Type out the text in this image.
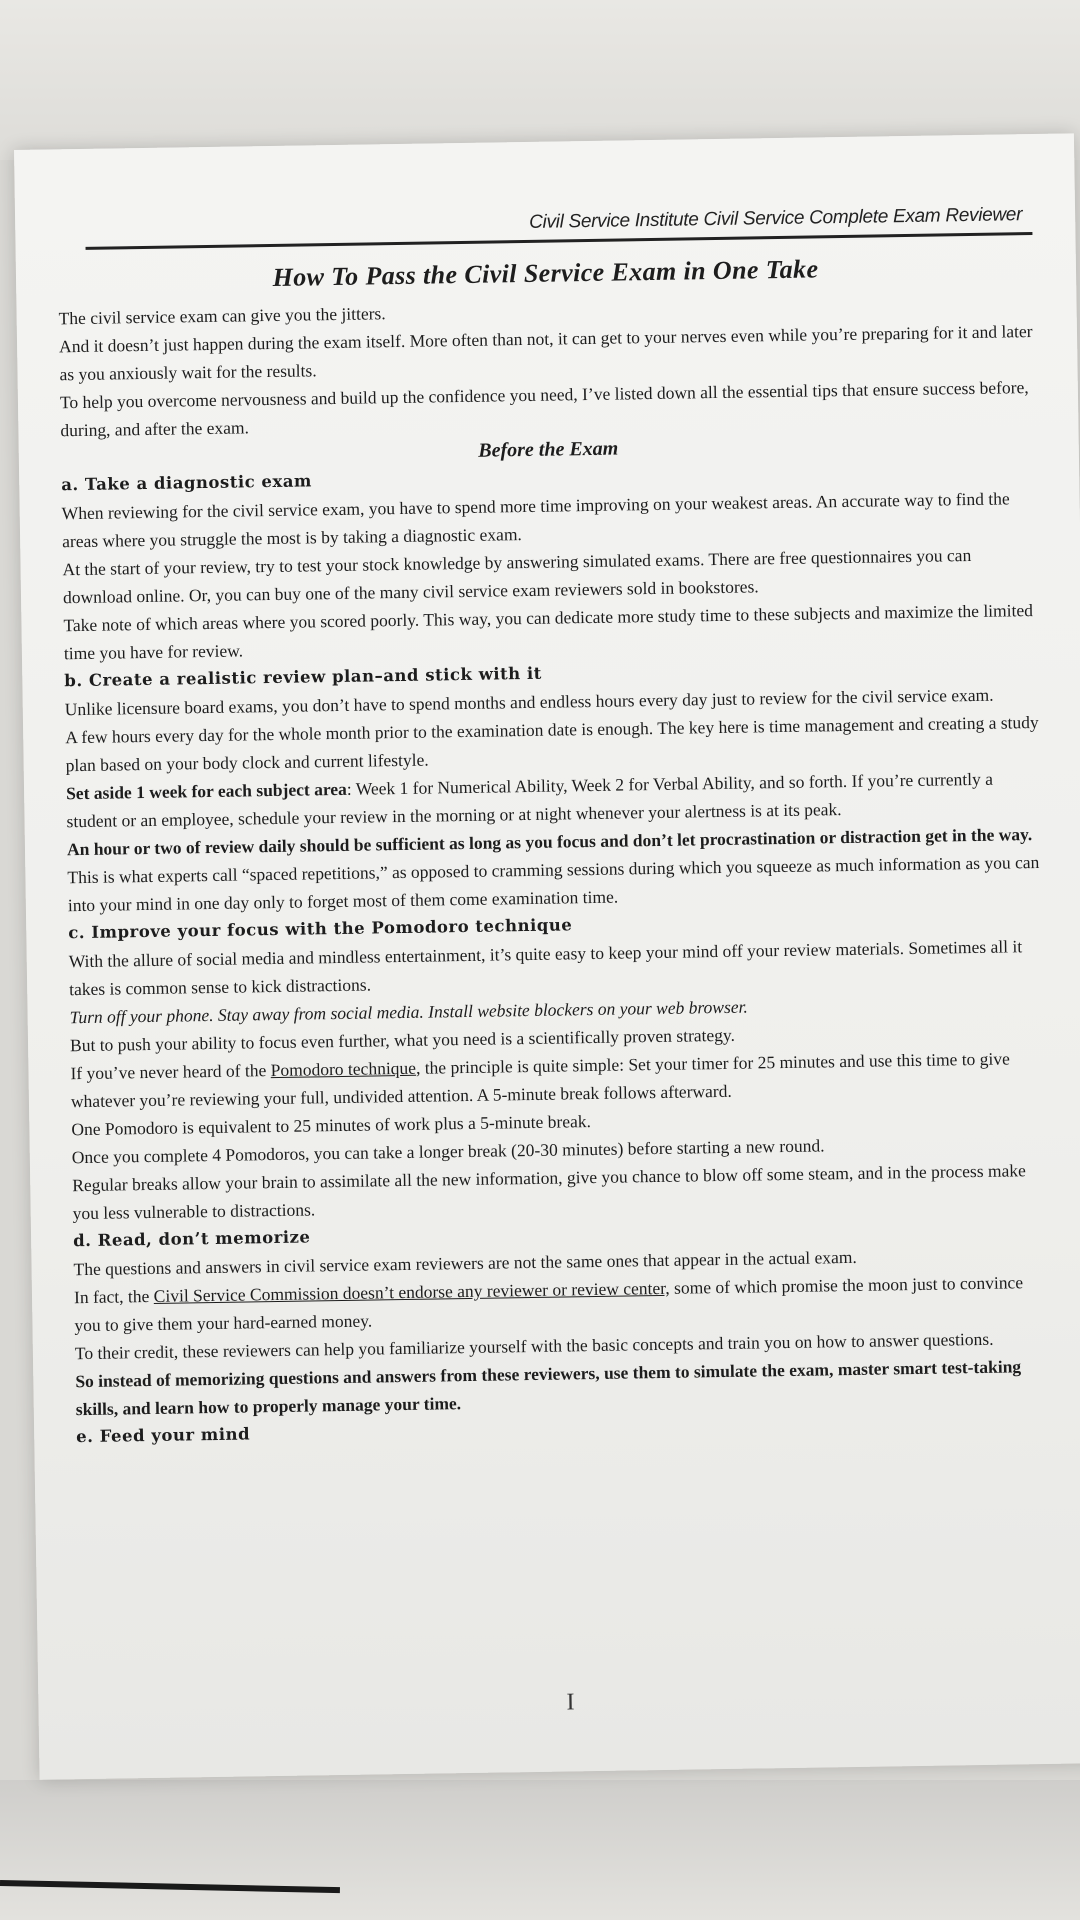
Civil Service Institute Civil Service Complete Exam Reviewer
How To Pass the Civil Service Exam in One Take

The civil service exam can give you the jitters.

And it doesn’t just happen during the exam itself. More often than not, it can get to your nerves even while you’re preparing for it and later as you anxiously wait for the results.

To help you overcome nervousness and build up the confidence you need, I’ve listed down all the essential tips that ensure success before, during, and after the exam.

Before the Exam
a. Take a diagnostic exam

When reviewing for the civil service exam, you have to spend more time improving on your weakest areas. An accurate way to find the areas where you struggle the most is by taking a diagnostic exam.

At the start of your review, try to test your stock knowledge by answering simulated exams. There are free questionnaires you can download online. Or, you can buy one of the many civil service exam reviewers sold in bookstores.

Take note of which areas where you scored poorly. This way, you can dedicate more study time to these subjects and maximize the limited time you have for review.

b. Create a realistic review plan–and stick with it

Unlike licensure board exams, you don’t have to spend months and endless hours every day just to review for the civil service exam.

A few hours every day for the whole month prior to the examination date is enough. The key here is time management and creating a study plan based on your body clock and current lifestyle.

Set aside 1 week for each subject area: Week 1 for Numerical Ability, Week 2 for Verbal Ability, and so forth. If you’re currently a student or an employee, schedule your review in the morning or at night whenever your alertness is at its peak.

An hour or two of review daily should be sufficient as long as you focus and don’t let procrastination or distraction get in the way. This is what experts call “spaced repetitions,” as opposed to cramming sessions during which you squeeze as much information as you can into your mind in one day only to forget most of them come examination time.

c. Improve your focus with the Pomodoro technique

With the allure of social media and mindless entertainment, it’s quite easy to keep your mind off your review materials. Sometimes all it takes is common sense to kick distractions.

Turn off your phone. Stay away from social media. Install website blockers on your web browser.

But to push your ability to focus even further, what you need is a scientifically proven strategy.

If you’ve never heard of the Pomodoro technique, the principle is quite simple: Set your timer for 25 minutes and use this time to give whatever you’re reviewing your full, undivided attention. A 5-minute break follows afterward.

One Pomodoro is equivalent to 25 minutes of work plus a 5-minute break.

Once you complete 4 Pomodoros, you can take a longer break (20-30 minutes) before starting a new round.

Regular breaks allow your brain to assimilate all the new information, give you chance to blow off some steam, and in the process make you less vulnerable to distractions.

d. Read, don’t memorize

The questions and answers in civil service exam reviewers are not the same ones that appear in the actual exam.

In fact, the Civil Service Commission doesn’t endorse any reviewer or review center, some of which promise the moon just to convince you to give them your hard-earned money.

To their credit, these reviewers can help you familiarize yourself with the basic concepts and train you on how to answer questions.

So instead of memorizing questions and answers from these reviewers, use them to simulate the exam, master smart test-taking skills, and learn how to properly manage your time.

e. Feed your mind
I
